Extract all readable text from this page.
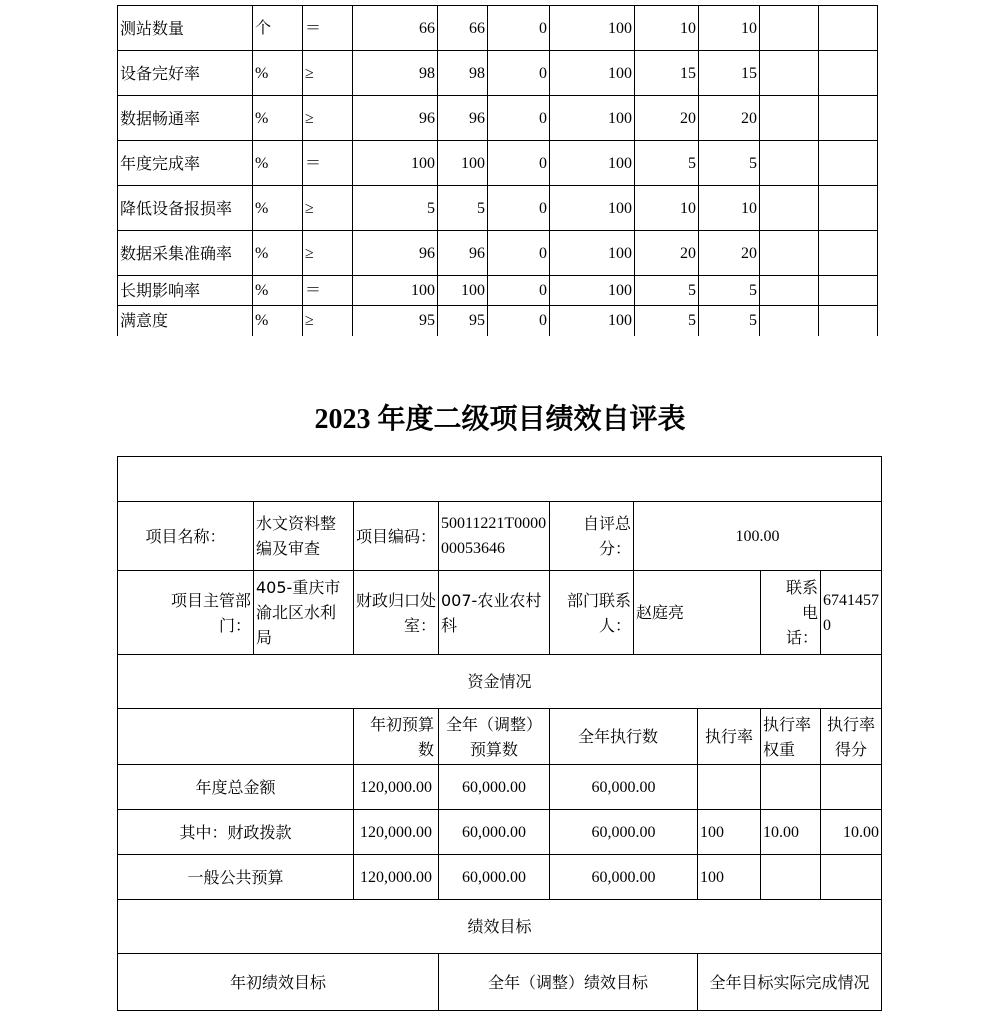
测站数量	个	＝	66	66	0	100	10	10		
设备完好率	%	≥	98	98	0	100	15	15		
数据畅通率	%	≥	96	96	0	100	20	20		
年度完成率	%	＝	100	100	0	100	5	5		
降低设备报损率	%	≥	5	5	0	100	10	10		
数据采集准确率	%	≥	96	96	0	100	20	20		
长期影响率	%	＝	100	100	0	100	5	5		
满意度	%	≥	95	95	0	100	5	5		
2023 年度二级项目绩效自评表

项目名称：	水文资料整编及审查	项目编码：	50011221T000000053646	自评总分：	100.00			
项目主管部门：	405-重庆市渝北区水利局	财政归口处室：	007-农业农村科	部门联系人：	赵庭亮		联系电话：	67414570
资金情况								
		年初预算数	全年（调整）预算数	全年执行数		执行率	执行率权重	执行率得分
年度总金额		120,000.00	60,000.00	60,000.00				
其中：财政拨款		120,000.00	60,000.00	60,000.00		100	10.00	10.00
一般公共预算		120,000.00	60,000.00	60,000.00		100		
绩效目标								
年初绩效目标			全年（调整）绩效目标			全年目标实际完成情况		
